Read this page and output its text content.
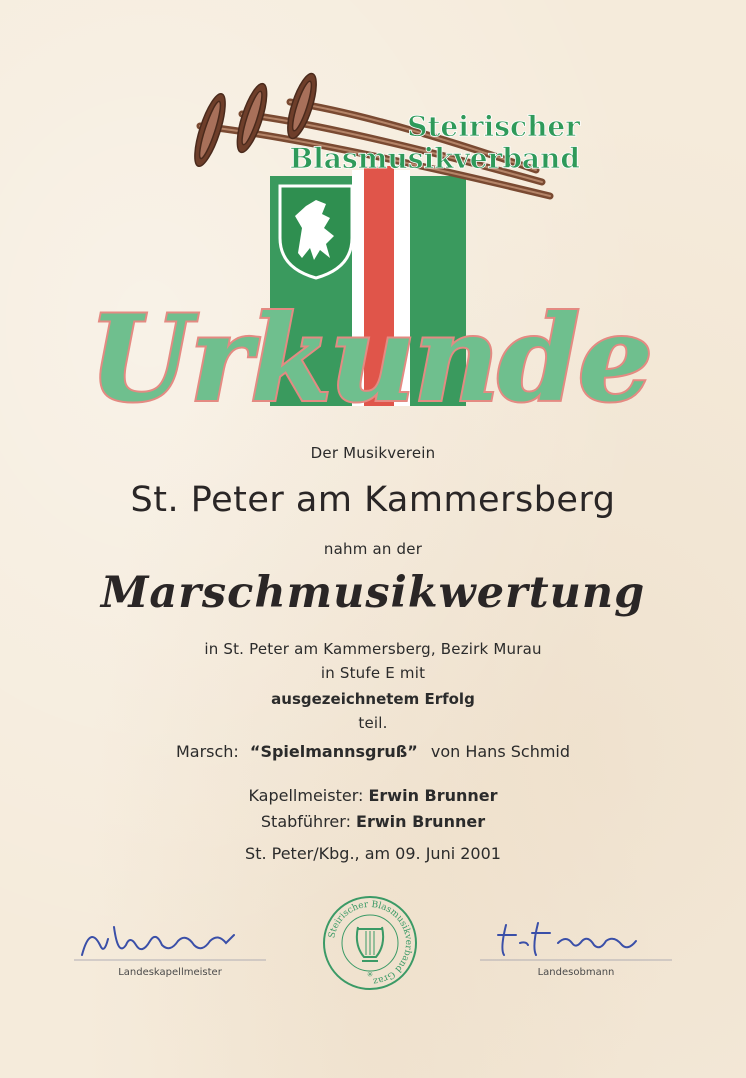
Steirischer
Blasmusikverband
Urkunde
Der Musikverein
St. Peter am Kammersberg
nahm an der
Marschmusikwertung
in St. Peter am Kammersberg, Bezirk Murau
in Stufe E mit
ausgezeichnetem Erfolg
teil.
Marsch: “Spielmannsgruß” von Hans Schmid
Kapellmeister: Erwin Brunner
Stabführer: Erwin Brunner
St. Peter/Kbg., am 09. Juni 2001
Landeskapellmeister
Steirischer Blasmusikverband Graz
✳	Landesobmann
